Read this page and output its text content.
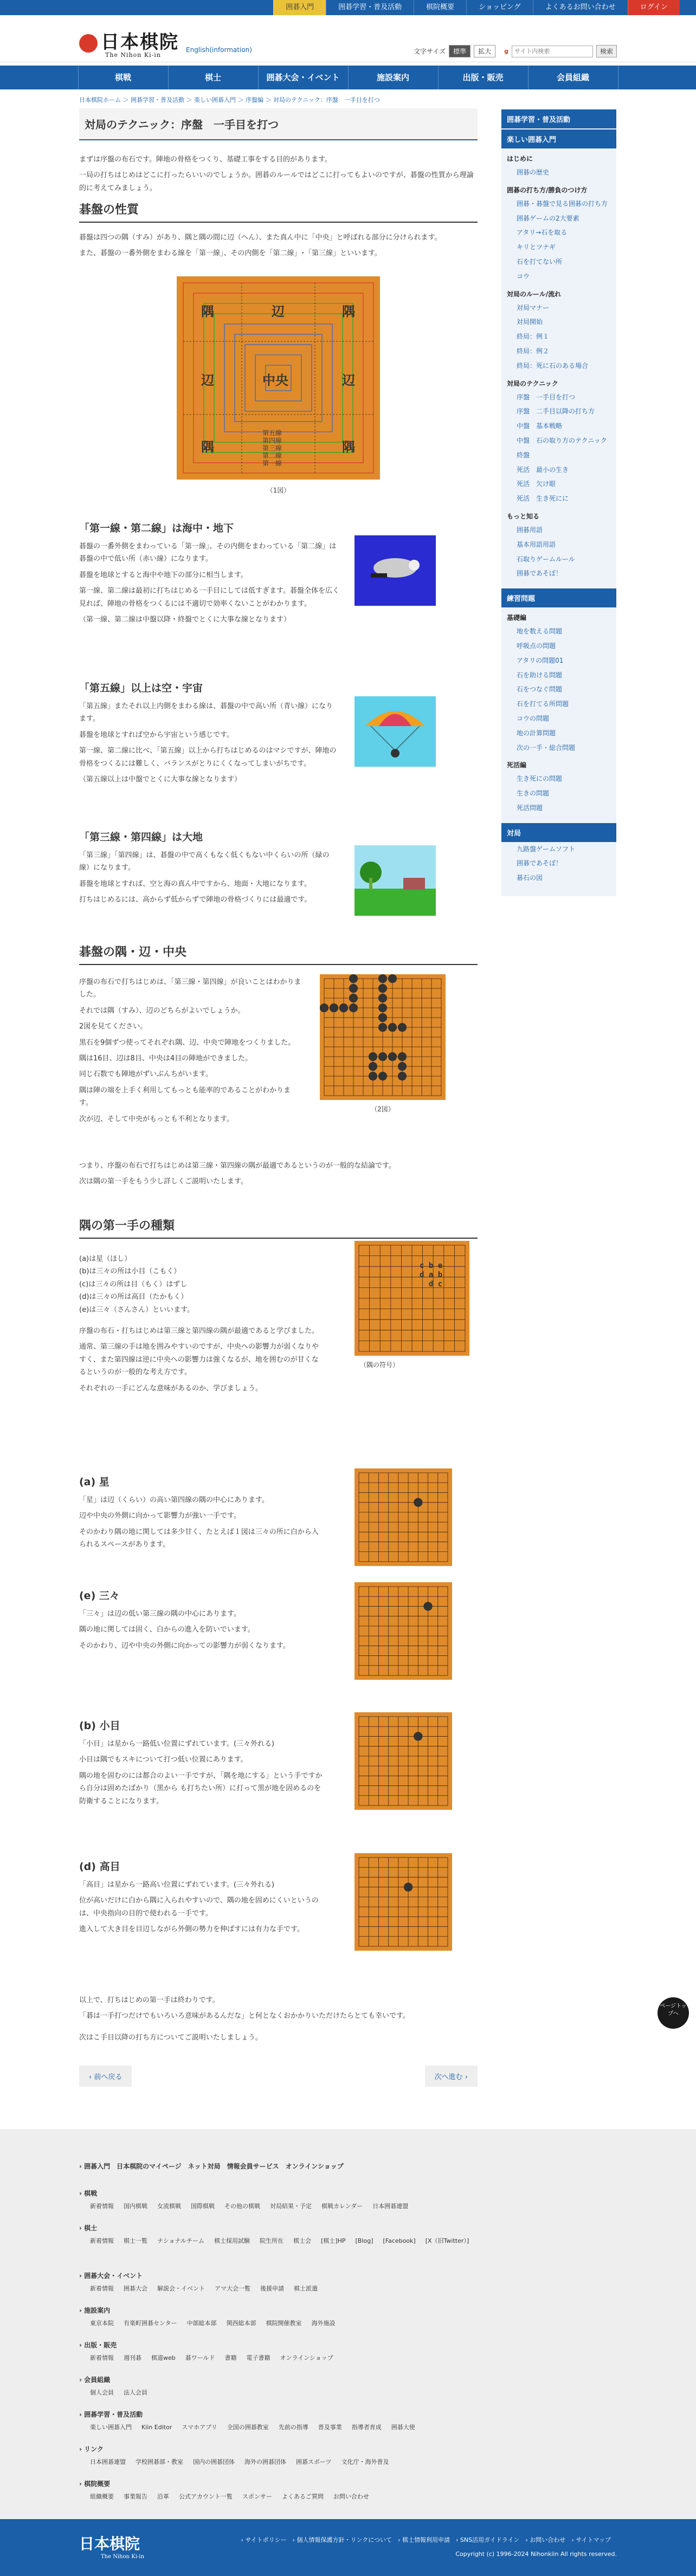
囲碁入門	囲碁学習・普及活動	棋院概要	ショッピング	よくあるお問い合わせ	ログイン
日本棋院
The Nihon Ki-in
English(information)	文字サイズ	標準	拡大	g
サイト内検索	検索
棋戦	棋士	囲碁大会・イベント	施設案内	出版・販売	会員組織
日本棋院ホーム ＞ 囲碁学習・普及活動 ＞ 楽しい囲碁入門 ＞ 序盤編 ＞ 対局のテクニック：序盤　一手目を打つ
対局のテクニック：序盤　一手目を打つ

まずは序盤の布石です。陣地の骨格をつくり、基礎工事をする目的があります。

一局の打ちはじめはどこに打ったらいいのでしょうか。囲碁のルールではどこに打ってもよいのですが、碁盤の性質から理論的に考えてみましょう。

碁盤の性質

碁盤は四つの隅（すみ）があり、隅と隅の間に辺（へん）、また真ん中に「中央」と呼ばれる部分に分けられます。

また、碁盤の一番外側をまわる線を「第一線」、その内側を「第二線」･「第三線」といいます。

隅	隅
隅	隅
辺
辺	辺
中央
第五線
第四線
第三線
第二線
第一線
（1図）
「第一線・第二線」は海中・地下

碁盤の一番外側をまわっている「第一線」、その内側をまわっている「第二線」は碁盤の中で低い所（赤い線）になります。

碁盤を地球とすると海中や地下の部分に相当します。

第一線、第二線は最初に打ちはじめる一手目にしては低すぎます。碁盤全体を広く見れば、陣地の骨格をつくるには不適切で効率くないことがわかります。

（第一線、第二線は中盤以降・終盤でとくに大事な線となります）

「第五線」以上は空・宇宙

「第五線」またそれ以上内側をまわる線は、碁盤の中で高い所（青い線）になります。

碁盤を地球とすれば空から宇宙という感じです。

第一線、第二線に比べ、「第五線」以上から打ちはじめるのはマシですが、陣地の骨格をつくるには難しく、バランスがとりにくくなってしまいがちです。

（第五線以上は中盤でとくに大事な線となります）

「第三線・第四線」は大地

「第三線」「第四線」は、碁盤の中で高くもなく低くもない中くらいの所（緑の線）になります。

碁盤を地球とすれば、空と海の真ん中ですから、地面・大地になります。

打ちはじめるには、高からず低からずで陣地の骨格づくりには最適です。

碁盤の隅・辺・中央

序盤の布石で打ちはじめは、「第三線・第四線」が良いことはわかりました。

それでは隅（すみ）、辺のどちらがよいでしょうか。

2図を見てください。

黒石を9個ずつ使ってそれぞれ隅、辺、中央で陣地をつくりました。

隅は16目、辺は8目、中央は4目の陣地ができました。

同じ石数でも陣地がずいぶんちがいます。

隅は陣の端を上手く利用してもっとも能率的であることがわかります。

次が辺、そして中央がもっとも不利となります。

（2図）

つまり、序盤の布石で打ちはじめは第三線・第四線の隅が最適であるというのが一般的な結論です。

次は隅の第一手をもう少し詳しくご説明いたします。

隅の第一手の種類

(a)は星（ほし）

(b)は三々の所は小目（こもく）

(c)は三々の所は目（もく）はずし

(d)は三々の所は高目（たかもく）

(e)は三々（さんさん）といいます。

序盤の布石・打ちはじめは第三線と第四線の隅が最適であると学びました。

通常、第三線の手は地を囲みやすいのですが、中央への影響力が弱くなりやすく、また第四線は逆に中央への影響力は強くなるが、地を囲むのが甘くなるというのが一般的な考え方です。

それぞれの一手にどんな意味があるのか、学びましょう。

c b e
d a b
d c
（隅の符号）
(a) 星

「星」は辺（くらい）の高い第四線の隅の中心にあります。

辺や中央の外側に向かって影響力が強い一手です。

そのかわり隅の地に関しては多少甘く、たとえば１図は三々の所に白から入られるスペースがあります。

(e) 三々

「三々」は辺の低い第三線の隅の中心にあります。

隅の地に関しては固く、白からの進入を防いでいます。

そのかわり、辺や中央の外側に向かっての影響力が弱くなります。

(b) 小目

「小目」は星から一路低い位置にずれています。(三々外れる)

小目は隅でもスキについて打つ低い位置にあります。

隅の地を固むのには都合のよい一手ですが、「隅を地にする」という手ですから自分は固めたばかり（黒から も打ちたい所）に打って黒が地を固めるのを防衛することになります。

(d) 高目

「高目」は星から一路高い位置にずれています。(三々外れる)

位が高いだけに白から隅に入られやすいので、隅の地を固めにくいというのは、中央指向の目的で使われる一手です。

進入して大き目を目辺しながら外側の勢力を伸ばすには有力な手です。

以上で、打ちはじめの第一手は終わりです。

「碁は一手打つだけでもいろいろ意味があるんだな」と何となくおかかりいただけたらとても幸いです。

次はこ手目以降の打ち方についてご説明いたしましょう。

‹ 前へ戻る	次へ進む ›
囲碁学習・普及活動
楽しい囲碁入門
はじめに
囲碁の歴史
囲碁の打ち方/勝負のつけ方
囲碁・碁盤で見る囲碁の打ち方
囲碁ゲームの2大要素
アタリ→石を取る
キリとツナギ
石を打てない所
コウ
対局のルール/流れ
対局マナー
対局開始
終局：例１
終局：例２
終局：死に石のある場合
対局のテクニック
序盤　一手目を打つ
序盤　二手目以降の打ち方
中盤　基本戦略
中盤　石の取り方のテクニック
終盤
死活　最小の生き
死活　欠け眼
死活　生き死にに
もっと知る
囲碁用語
基本用語用語
石取りゲームルール
囲碁であそぼ！
練習問題
基礎編
地を数える問題
呼吸点の問題
アタリの問題01
石を助ける問題
石をつなぐ問題
石を打てる所問題
コウの問題
地の計算問題
次の一手・総合問題
死活編
生き死にの問題
生きの問題
死活問題
対局
九路盤ゲームソフト
囲碁であそぼ！
碁石の図
ページトップへ
› 囲碁入門　日本棋院のマイページ　ネット対局　情報会員サービス　オンラインショップ
› 棋戦
新着情報 国内棋戦 女流棋戦 国際棋戦 その他の棋戦 対局結果・予定 棋戦カレンダー 日本囲碁連盟
› 棋士
新着情報 棋士一覧 ナショナルチーム 棋士採用試験 院生所在 棋士会 [棋士]HP [Blog] [Facebook] [X（旧Twitter）]
› 囲碁大会・イベント
新着情報 囲碁大会 解説会・イベント アマ大会一覧 後援申請 棋士派遣
› 施設案内
東京本院 有楽町囲碁センター 中部総本部 関西総本部 棋院開催教室 海外施設
› 出版・販売
新着情報 週刊碁 棋道web 碁ワールド 書籍 電子書籍 オンラインショップ
› 会員組織
個人会員 法人会員
› 囲碁学習・普及活動
楽しい囲碁入門 Kiin Editor スマホアプリ 全国の囲碁教室 先前の指導 普及事業 指導者育成 囲碁大使
› リンク
日本囲碁連盟 学校囲碁部・教室 国内の囲碁団体 海外の囲碁団体 囲碁スポーツ 文化庁・海外普及
› 棋院概要
組織概要 事業報告 沿革 公式アカウント一覧 スポンサー よくあるご質問 お問い合わせ
日本棋院
The Nihon Ki-in
› サイトポリシー　› 個人情報保護方針・リンクについて　› 棋士情報利用申請　› SNS活用ガイドライン　› お問い合わせ　› サイトマップ　
Copyright (c) 1996-2024 Nihonkiin All rights reserved.
